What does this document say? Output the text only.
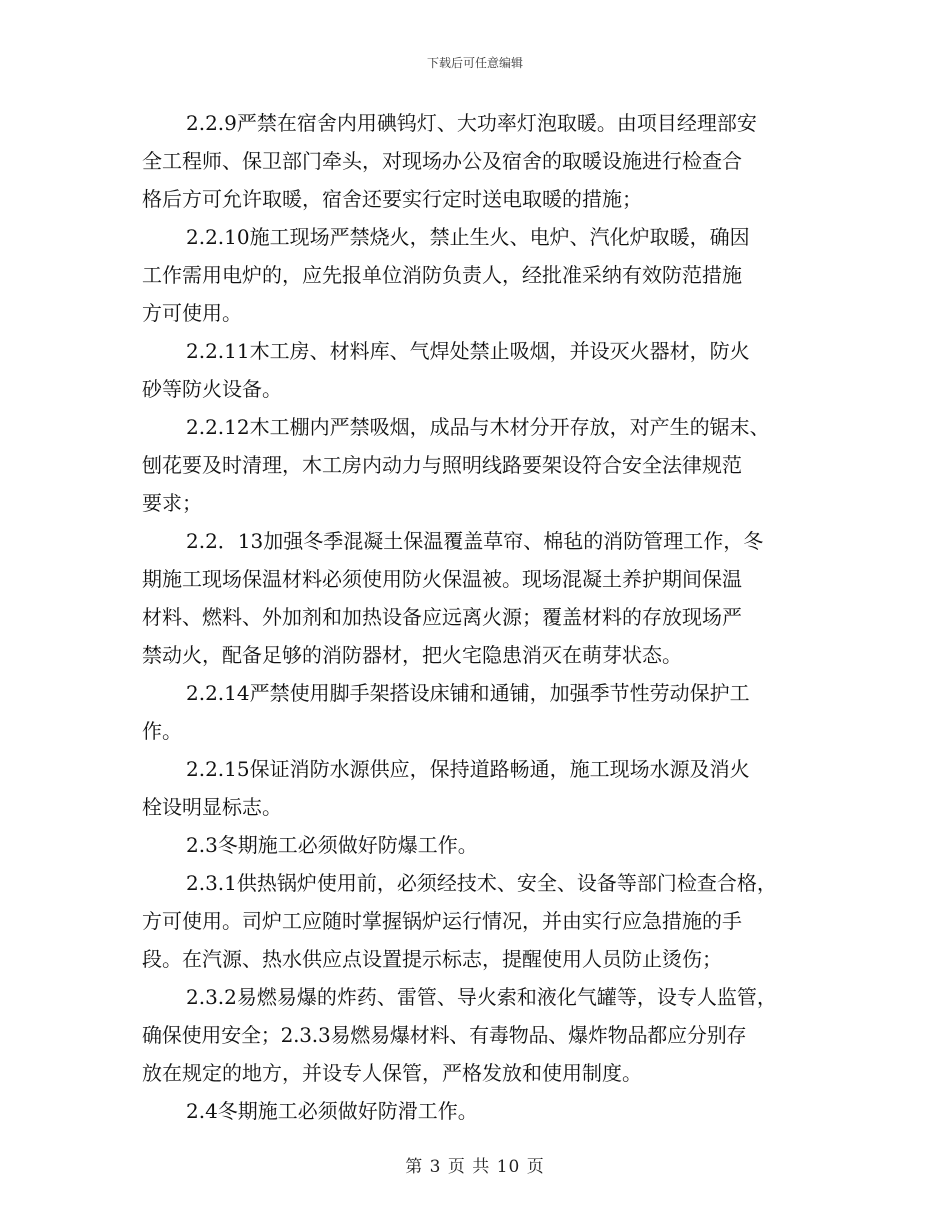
下载后可任意编辑
2.2.9严禁在宿舍内用碘钨灯、大功率灯泡取暖。由项目经理部安
全工程师、保卫部门牵头，对现场办公及宿舍的取暖设施进行检查合
格后方可允许取暖，宿舍还要实行定时送电取暖的措施；
2.2.10施工现场严禁烧火，禁止生火、电炉、汽化炉取暖，确因
工作需用电炉的，应先报单位消防负责人，经批准采纳有效防范措施
方可使用。
2.2.11木工房、材料库、气焊处禁止吸烟，并设灭火器材，防火
砂等防火设备。
2.2.12木工棚内严禁吸烟，成品与木材分开存放，对产生的锯末、
刨花要及时清理，木工房内动力与照明线路要架设符合安全法律规范
要求；
2.2．13加强冬季混凝土保温覆盖草帘、棉毡的消防管理工作，冬
期施工现场保温材料必须使用防火保温被。现场混凝土养护期间保温
材料、燃料、外加剂和加热设备应远离火源；覆盖材料的存放现场严
禁动火，配备足够的消防器材，把火宅隐患消灭在萌芽状态。
2.2.14严禁使用脚手架搭设床铺和通铺，加强季节性劳动保护工
作。
2.2.15保证消防水源供应，保持道路畅通，施工现场水源及消火
栓设明显标志。
2.3冬期施工必须做好防爆工作。
2.3.1供热锅炉使用前，必须经技术、安全、设备等部门检查合格，
方可使用。司炉工应随时掌握锅炉运行情况，并由实行应急措施的手
段。在汽源、热水供应点设置提示标志，提醒使用人员防止烫伤；
2.3.2易燃易爆的炸药、雷管、导火索和液化气罐等，设专人监管，
确保使用安全；2.3.3易燃易爆材料、有毒物品、爆炸物品都应分别存
放在规定的地方，并设专人保管，严格发放和使用制度。
2.4冬期施工必须做好防滑工作。
第 3 页 共 10 页
